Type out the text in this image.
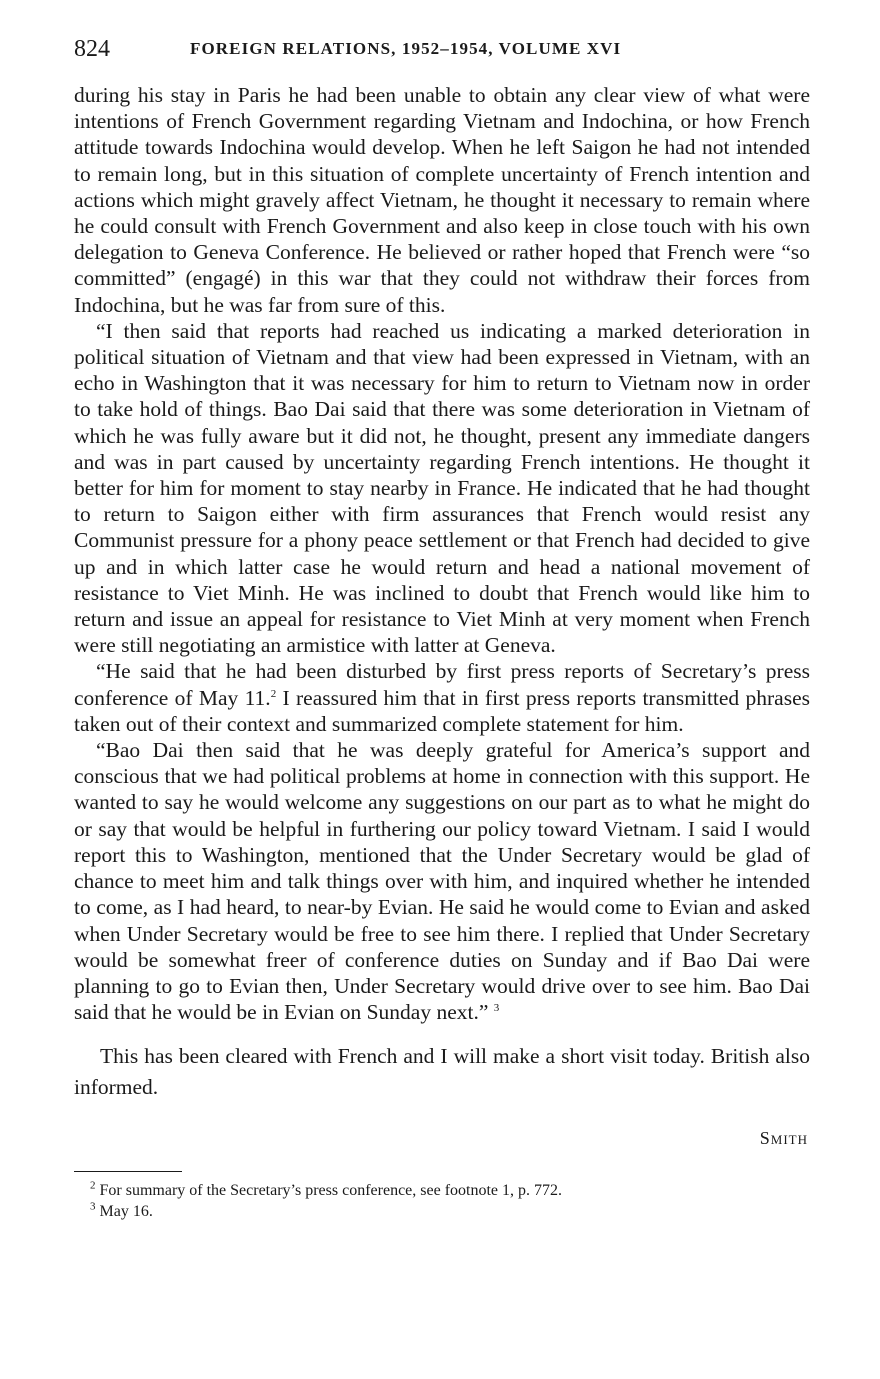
824	FOREIGN RELATIONS, 1952–1954, VOLUME XVI

during his stay in Paris he had been unable to obtain any clear view of what were intentions of French Government regarding Vietnam and Indochina, or how French attitude towards Indochina would develop. When he left Saigon he had not intended to remain long, but in this situation of complete uncertainty of French intention and actions which might gravely affect Vietnam, he thought it necessary to remain where he could consult with French Government and also keep in close touch with his own delegation to Geneva Conference. He believed or rather hoped that French were “so committed” (engagé) in this war that they could not withdraw their forces from Indochina, but he was far from sure of this.

“I then said that reports had reached us indicating a marked deterioration in political situation of Vietnam and that view had been expressed in Vietnam, with an echo in Washington that it was necessary for him to return to Vietnam now in order to take hold of things. Bao Dai said that there was some deterioration in Vietnam of which he was fully aware but it did not, he thought, present any immediate dangers and was in part caused by uncertainty regarding French intentions. He thought it better for him for moment to stay nearby in France. He indicated that he had thought to return to Saigon either with firm assurances that French would resist any Communist pressure for a phony peace settlement or that French had decided to give up and in which latter case he would return and head a national movement of resistance to Viet Minh. He was inclined to doubt that French would like him to return and issue an appeal for resistance to Viet Minh at very moment when French were still negotiating an armistice with latter at Geneva.

“He said that he had been disturbed by first press reports of Secretary’s press conference of May 11.$^2$ I reassured him that in first press reports transmitted phrases taken out of their context and summarized complete statement for him.

“Bao Dai then said that he was deeply grateful for America’s support and conscious that we had political problems at home in connection with this support. He wanted to say he would welcome any suggestions on our part as to what he might do or say that would be helpful in furthering our policy toward Vietnam. I said I would report this to Washington, mentioned that the Under Secretary would be glad of chance to meet him and talk things over with him, and inquired whether he intended to come, as I had heard, to near-by Evian. He said he would come to Evian and asked when Under Secretary would be free to see him there. I replied that Under Secretary would be somewhat freer of conference duties on Sunday and if Bao Dai were planning to go to Evian then, Under Secretary would drive over to see him. Bao Dai said that he would be in Evian on Sunday next.” $^3$

This has been cleared with French and I will make a short visit today. British also informed.

Smith

$^2$ For summary of the Secretary’s press conference, see footnote 1, p. 772.

$^3$ May 16.
